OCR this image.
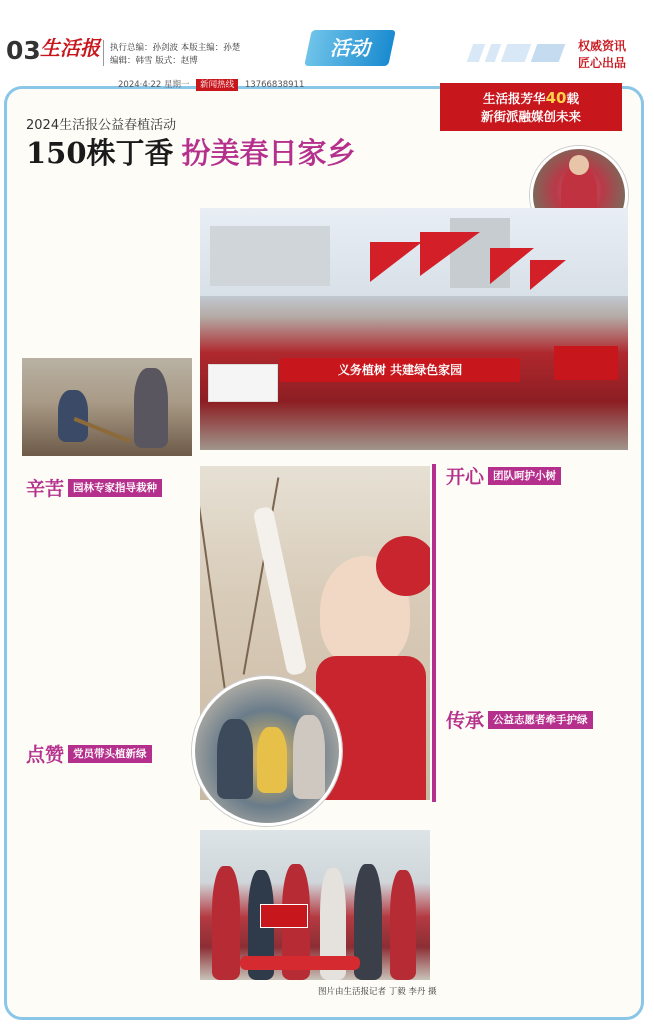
03 生活报 执行总编：孙剑波 本版主编：孙楚
编辑：韩雪 版式：赵博
活动	权威资讯
匠心出品
2024·4·22 星期一 新闻热线 13766838911
生活报芳华40载
新街派融媒创未来
2024生活报公益春植活动
150株丁香 扮美春日家乡

义务植树 共建绿色家园
辛苦 园林专家指导栽种	开心 团队呵护小树

传承 公益志愿者牵手护绿

点赞 党员带头植新绿

图片由生活报记者 丁毅 李丹 摄
